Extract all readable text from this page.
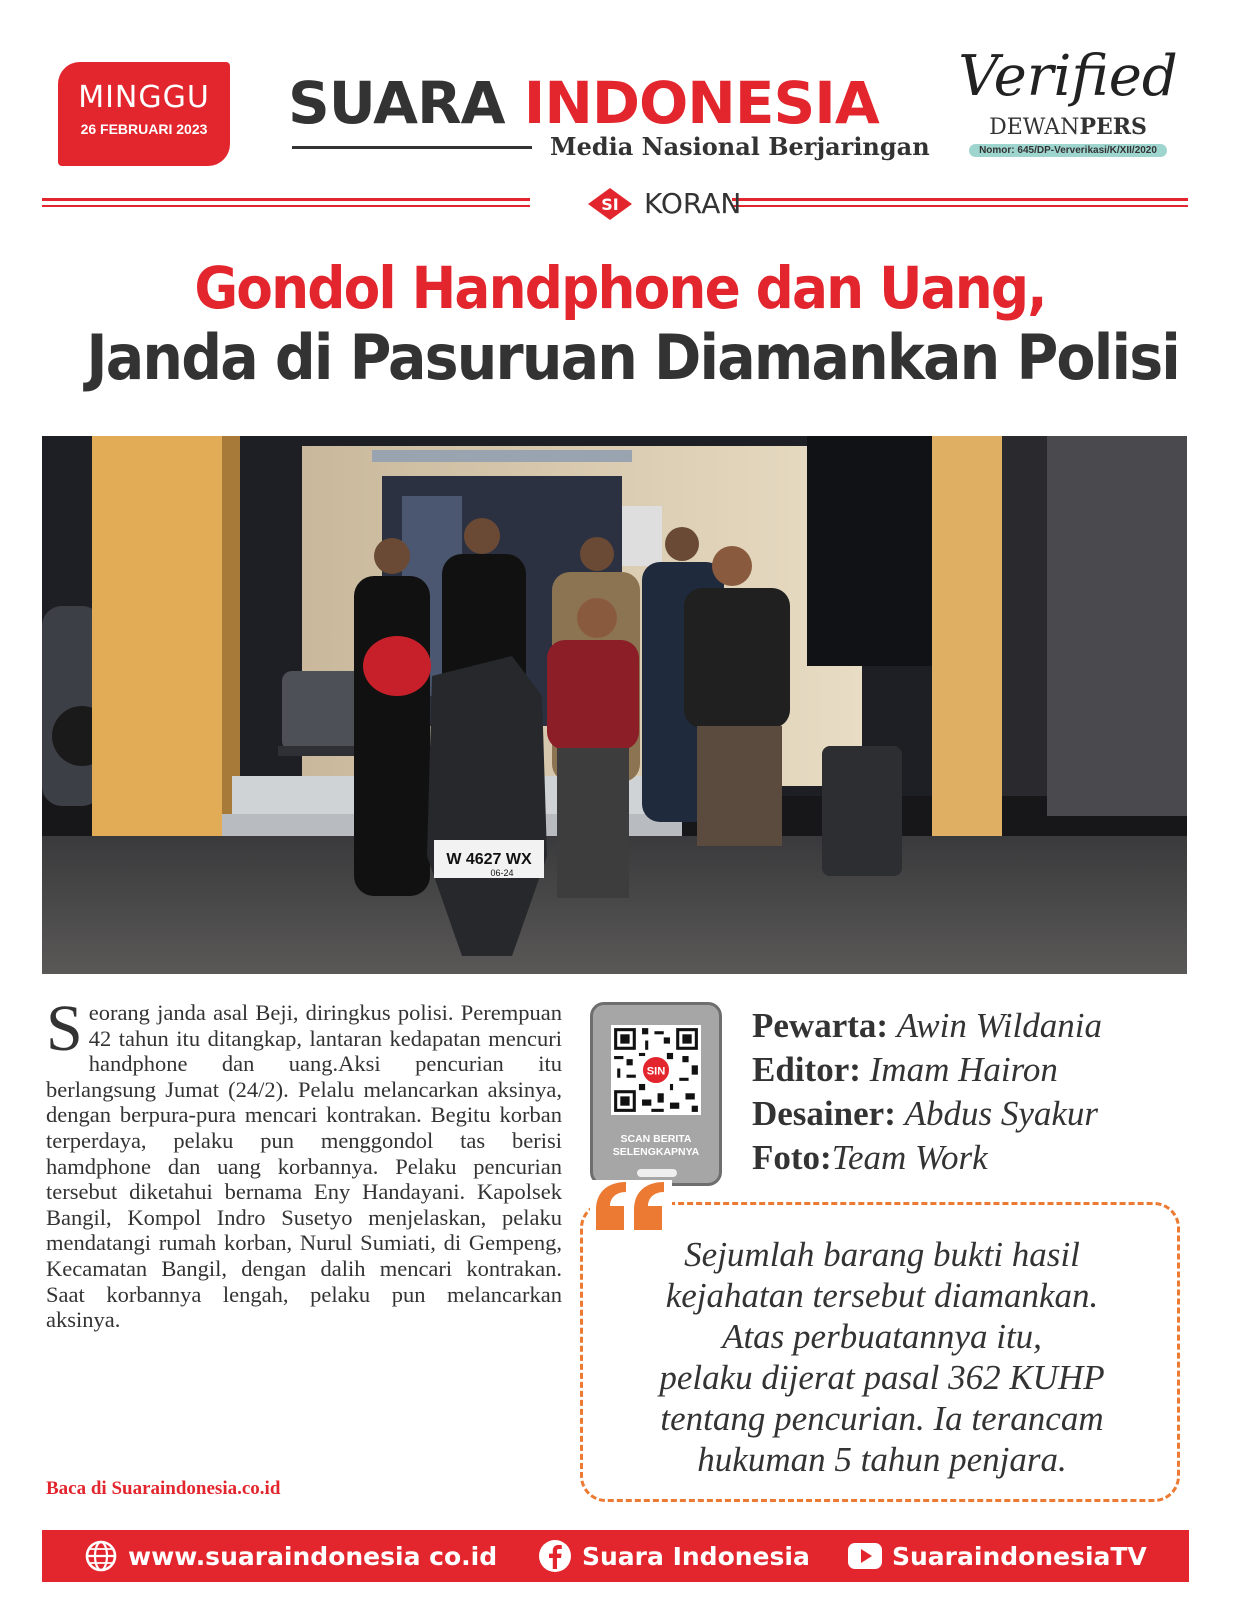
MINGGU
26 FEBRUARI 2023	SUARA INDONESIA
Media Nasional Berjaringan
Verified
DEWANPERS
Nomor: 645/DP-Ververikasi/K/XII/2020
SI KORAN
Gondol Handphone dan Uang,
Janda di Pasuruan Diamankan Polisi
W 4627 WX
06-24
S eorang janda asal Beji, diringkus polisi. Perempuan 42 tahun itu ditangkap, lantaran kedapatan mencuri handphone dan uang.Aksi pencurian itu berlangsung Jumat (24/2). Pelalu melancarkan aksinya, dengan berpura-pura mencari kontrakan. Begitu korban terperdaya, pelaku pun menggondol tas berisi hamdphone dan uang korbannya. Pelaku pencurian tersebut diketahui bernama Eny Handayani. Kapolsek Bangil, Kompol Indro Susetyo menjelaskan, pelaku mendatangi rumah korban, Nurul Sumiati, di Gempeng, Kecamatan Bangil, dengan dalih mencari kontrakan. Saat korbannya lengah, pelaku pun melancarkan aksinya.
Baca di Suaraindonesia.co.id
SIN
SCAN BERITA
SELENGKAPNYA
Pewarta: Awin Wildania
Editor: Imam Hairon
Desainer: Abdus Syakur
Foto:Team Work
Sejumlah barang bukti hasil
kejahatan tersebut diamankan.
Atas perbuatannya itu,
pelaku dijerat pasal 362 KUHP
tentang pencurian. Ia terancam
hukuman 5 tahun penjara.
www.suaraindonesia co.id	Suara Indonesia	SuaraindonesiaTV
